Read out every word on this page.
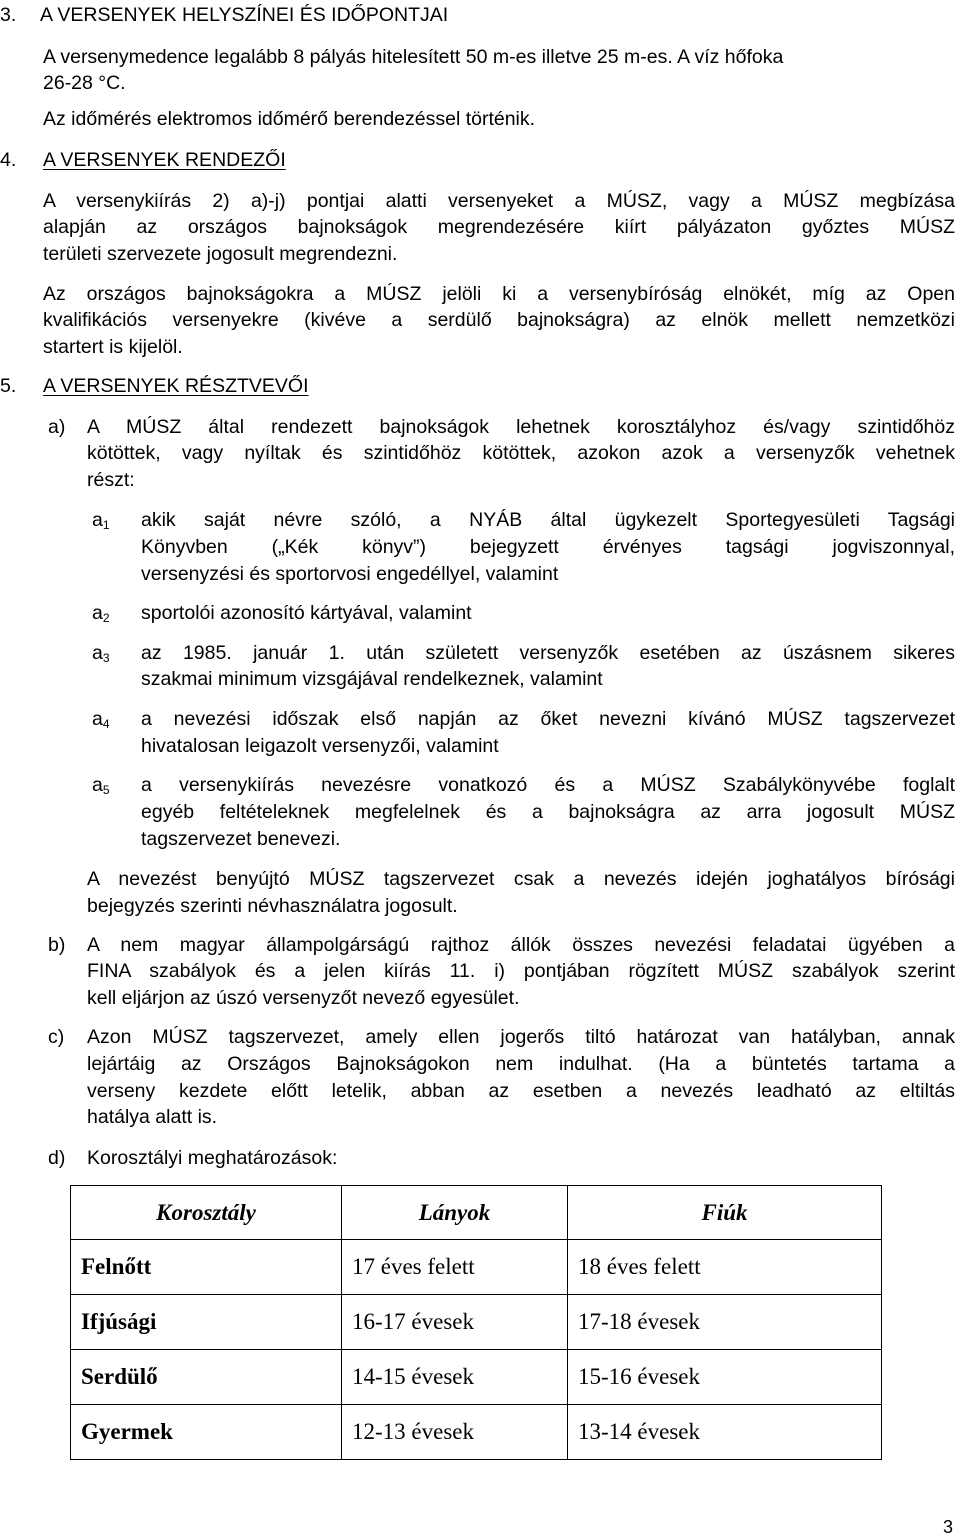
3. A VERSENYEK HELYSZÍNEI ÉS IDŐPONTJAI
A versenymedence legalább 8 pályás hitelesített 50 m-es illetve 25 m-es. A víz hőfoka
26-28 °C.
Az időmérés elektromos időmérő berendezéssel történik.
4. A VERSENYEK RENDEZŐI
A versenykiírás 2) a)-j) pontjai alatti versenyeket a MÚSZ, vagy a MÚSZ megbízása
alapján az országos bajnokságok megrendezésére kiírt pályázaton győztes MÚSZ
területi szervezete jogosult megrendezni.
Az országos bajnokságokra a MÚSZ jelöli ki a versenybíróság elnökét, míg az Open
kvalifikációs versenyekre (kivéve a serdülő bajnokságra) az elnök mellett nemzetközi
startert is kijelöl.
5. A VERSENYEK RÉSZTVEVŐI
a) A MÚSZ által rendezett bajnokságok lehetnek korosztályhoz és/vagy szintidőhöz
kötöttek, vagy nyíltak és szintidőhöz kötöttek, azokon azok a versenyzők vehetnek
részt:
$a_1$ akik saját névre szóló, a NYÁB által ügykezelt Sportegyesületi Tagsági
Könyvben („Kék könyv”) bejegyzett érvényes tagsági jogviszonnyal,
versenyzési és sportorvosi engedéllyel, valamint
$a_2$ sportolói azonosító kártyával, valamint
$a_3$ az 1985. január 1. után született versenyzők esetében az úszásnem sikeres
szakmai minimum vizsgájával rendelkeznek, valamint
$a_4$ a nevezési időszak első napján az őket nevezni kívánó MÚSZ tagszervezet
hivatalosan leigazolt versenyzői, valamint
$a_5$ a versenykiírás nevezésre vonatkozó és a MÚSZ Szabálykönyvébe foglalt
egyéb feltételeknek megfelelnek és a bajnokságra az arra jogosult MÚSZ
tagszervezet benevezi.
A nevezést benyújtó MÚSZ tagszervezet csak a nevezés idején joghatályos bírósági
bejegyzés szerinti névhasználatra jogosult.
b) A nem magyar állampolgárságú rajthoz állók összes nevezési feladatai ügyében a
FINA szabályok és a jelen kiírás 11. i) pontjában rögzített MÚSZ szabályok szerint
kell eljárjon az úszó versenyzőt nevező egyesület.
c) Azon MÚSZ tagszervezet, amely ellen jogerős tiltó határozat van hatályban, annak
lejártáig az Országos Bajnokságokon nem indulhat. (Ha a büntetés tartama a
verseny kezdete előtt letelik, abban az esetben a nevezés leadható az eltiltás
hatálya alatt is.
d) Korosztályi meghatározások:
Korosztály	Lányok	Fiúk
Felnőtt	17 éves felett	18 éves felett
Ifjúsági	16-17 évesek	17-18 évesek
Serdülő	14-15 évesek	15-16 évesek
Gyermek	12-13 évesek	13-14 évesek
3
